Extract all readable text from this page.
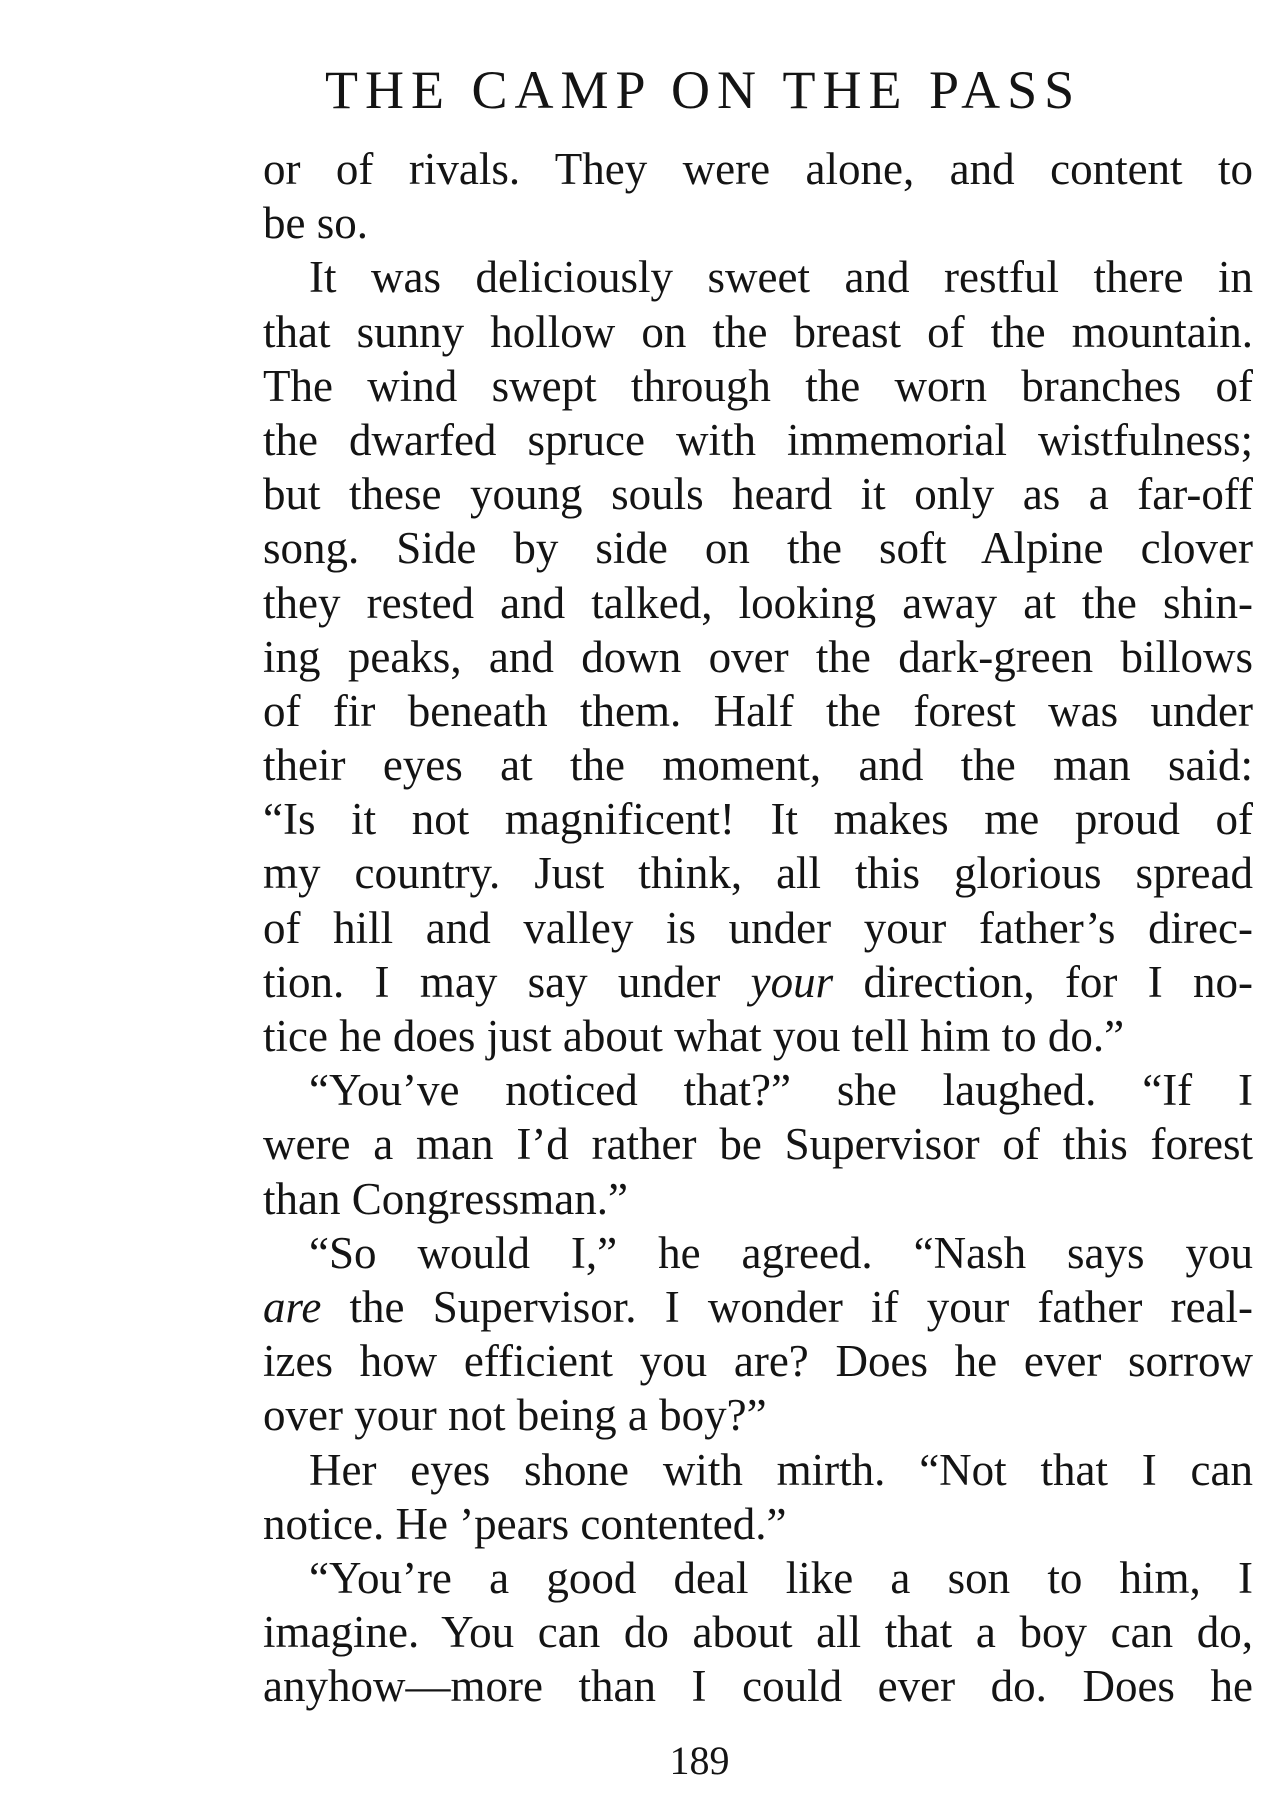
THE CAMP ON THE PASS
or of rivals. They were alone, and content to
be so.
It was deliciously sweet and restful there in
that sunny hollow on the breast of the mountain.
The wind swept through the worn branches of
the dwarfed spruce with immemorial wistfulness;
but these young souls heard it only as a far-off
song. Side by side on the soft Alpine clover
they rested and talked, looking away at the shin-
ing peaks, and down over the dark-green billows
of fir beneath them. Half the forest was under
their eyes at the moment, and the man said:
“Is it not magnificent! It makes me proud of
my country. Just think, all this glorious spread
of hill and valley is under your father’s direc-
tion. I may say under your direction, for I no-
tice he does just about what you tell him to do.”
“You’ve noticed that?” she laughed. “If I
were a man I’d rather be Supervisor of this forest
than Congressman.”
“So would I,” he agreed. “Nash says you
are the Supervisor. I wonder if your father real-
izes how efficient you are? Does he ever sorrow
over your not being a boy?”
Her eyes shone with mirth. “Not that I can
notice. He ’pears contented.”
“You’re a good deal like a son to him, I
imagine. You can do about all that a boy can do,
anyhow—more than I could ever do. Does he
189
